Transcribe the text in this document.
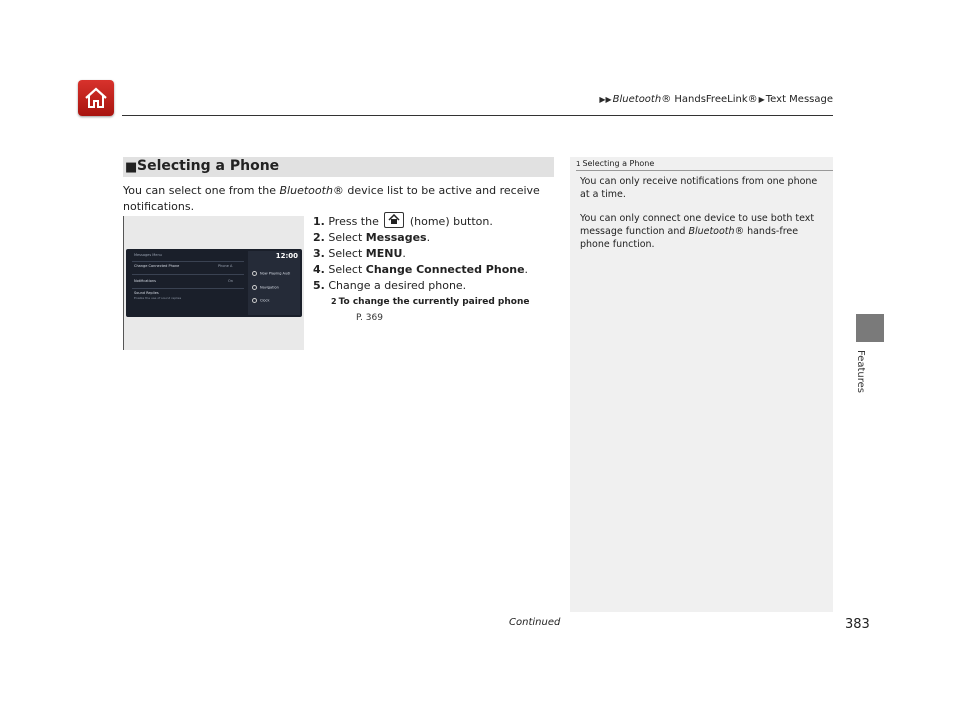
▶▶Bluetooth® HandsFreeLink®▶Text Message
Features
■ Selecting a Phone
You can select one from the Bluetooth® device list to be active and receive notifications.
Messages Menu
Change Connected Phone	Phone A
Notifications	On
Sound Replies
Enable the use of sound replies
12:00
Now Playing Audi
Navigation
Clock
1. Press the
(home) button.
2. Select Messages.
3. Select MENU.
4. Select Change Connected Phone.
5. Change a desired phone.
2 To change the currently paired phone
P. 369
1 Selecting a Phone

You can only receive notifications from one phone at a time.

You can only connect one device to use both text message function and Bluetooth® hands-free phone function.

Continued	383
